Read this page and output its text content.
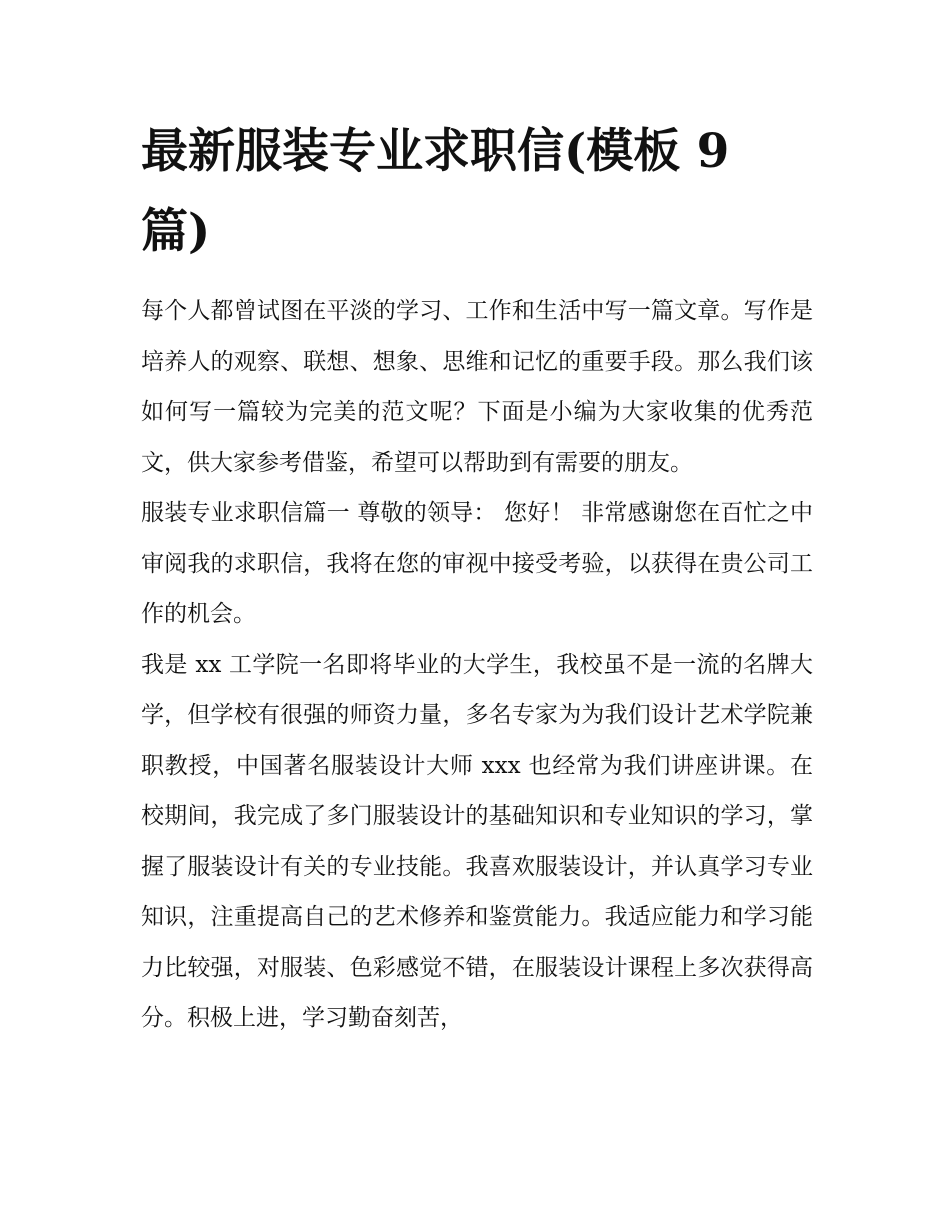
最新服装专业求职信(模板 9 篇)

每个人都曾试图在平淡的学习、工作和生活中写一篇文章。写作是培养人的观察、联想、想象、思维和记忆的重要手段。那么我们该如何写一篇较为完美的范文呢？下面是小编为大家收集的优秀范文，供大家参考借鉴，希望可以帮助到有需要的朋友。

服装专业求职信篇一 尊敬的领导： 您好！ 非常感谢您在百忙之中审阅我的求职信，我将在您的审视中接受考验，以获得在贵公司工作的机会。

我是 xx 工学院一名即将毕业的大学生，我校虽不是一流的名牌大学，但学校有很强的师资力量，多名专家为为我们设计艺术学院兼职教授，中国著名服装设计大师 xxx 也经常为我们讲座讲课。在校期间，我完成了多门服装设计的基础知识和专业知识的学习，掌握了服装设计有关的专业技能。我喜欢服装设计，并认真学习专业知识，注重提高自己的艺术修养和鉴赏能力。我适应能力和学习能力比较强，对服装、色彩感觉不错，在服装设计课程上多次获得高分。积极上进，学习勤奋刻苦，
